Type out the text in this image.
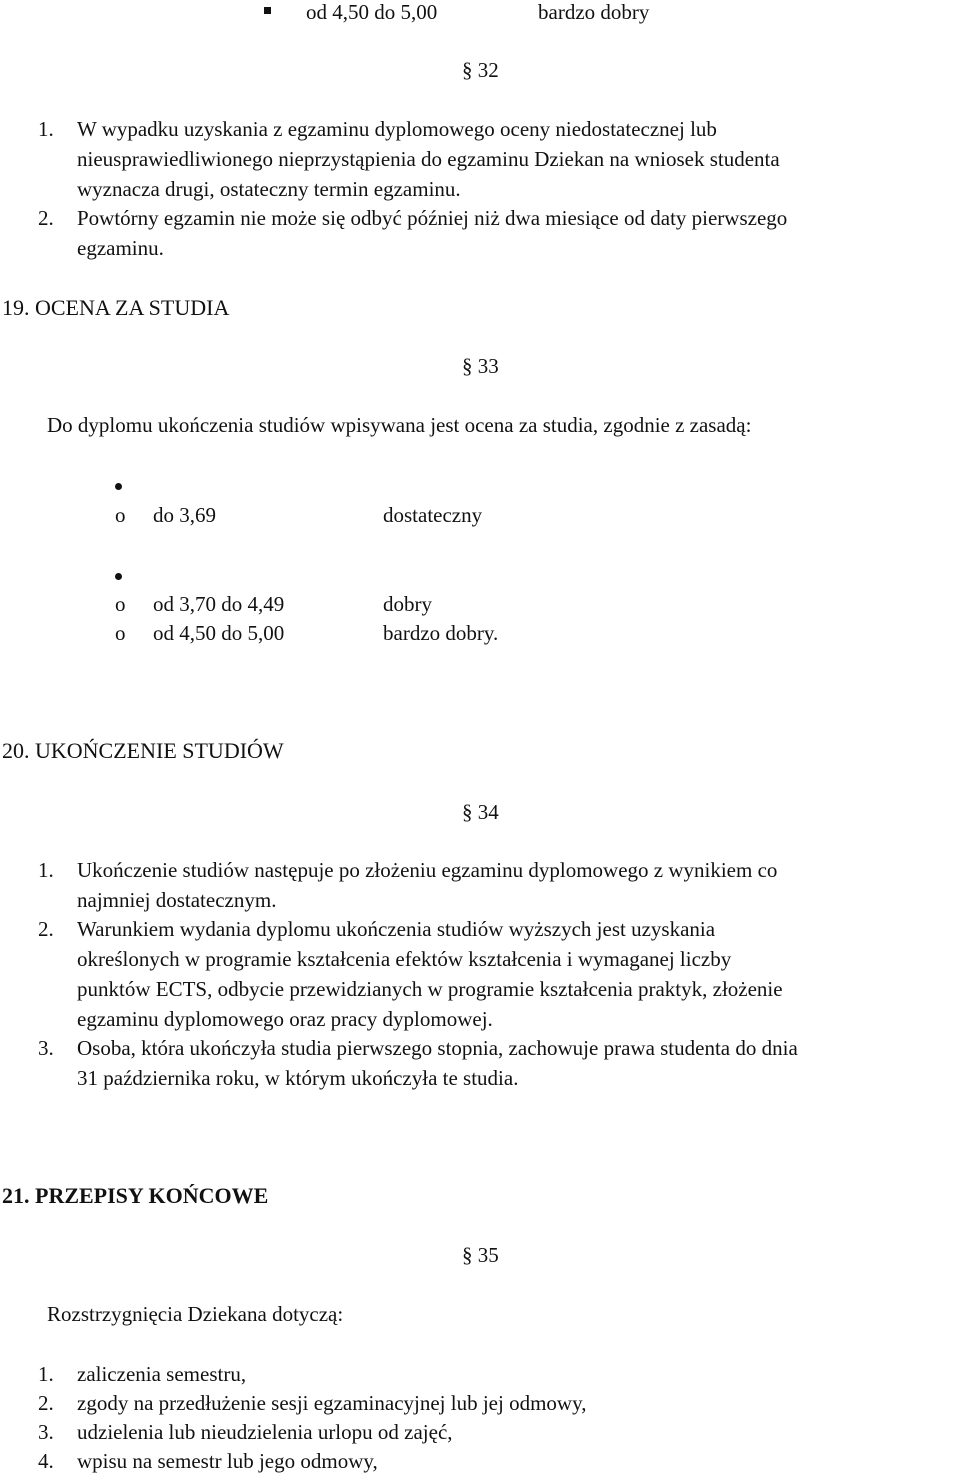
od 4,50 do 5,00	bardzo dobry
§ 32
1. W wypadku uzyskania z egzaminu dyplomowego oceny niedostatecznej lub
nieusprawiedliwionego nieprzystąpienia do egzaminu Dziekan na wniosek studenta
wyznacza drugi, ostateczny termin egzaminu.
2. Powtórny egzamin nie może się odbyć później niż dwa miesiące od daty pierwszego
egzaminu.
19. OCENA ZA STUDIA
§ 33
Do dyplomu ukończenia studiów wpisywana jest ocena za studia, zgodnie z zasadą:
o do 3,69	dostateczny
o od 3,70 do 4,49	dobry
o od 4,50 do 5,00	bardzo dobry.
20. UKOŃCZENIE STUDIÓW
§ 34
1. Ukończenie studiów następuje po złożeniu egzaminu dyplomowego z wynikiem co
najmniej dostatecznym.
2. Warunkiem wydania dyplomu ukończenia studiów wyższych jest uzyskania
określonych w programie kształcenia efektów kształcenia i wymaganej liczby
punktów ECTS, odbycie przewidzianych w programie kształcenia praktyk, złożenie
egzaminu dyplomowego oraz pracy dyplomowej.
3. Osoba, która ukończyła studia pierwszego stopnia, zachowuje prawa studenta do dnia
31 października roku, w którym ukończyła te studia.
21. PRZEPISY KOŃCOWE
§ 35
Rozstrzygnięcia Dziekana dotyczą:
1. zaliczenia semestru,
2. zgody na przedłużenie sesji egzaminacyjnej lub jej odmowy,
3. udzielenia lub nieudzielenia urlopu od zajęć,
4. wpisu na semestr lub jego odmowy,
